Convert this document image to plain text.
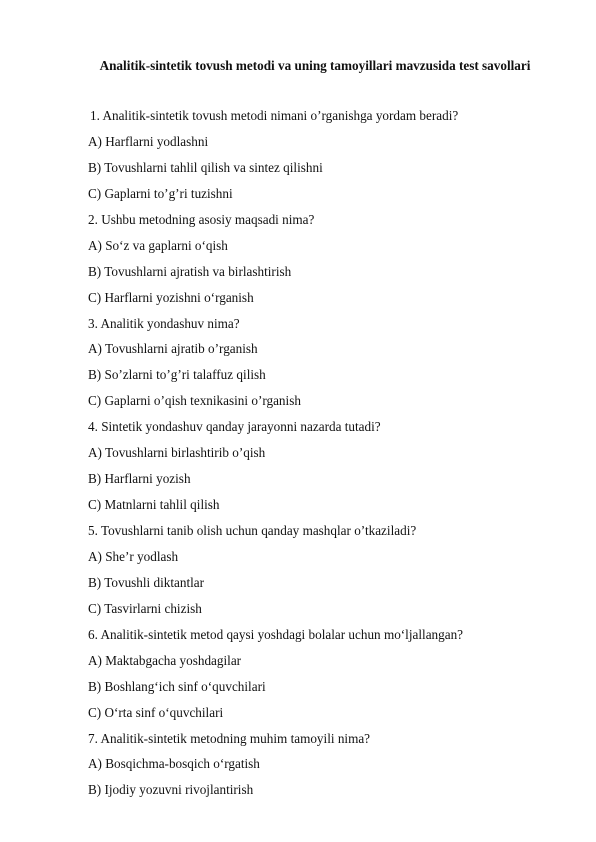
Analitik-sintetik tovush metodi va uning tamoyillari mavzusida test savollari
1. Analitik-sintetik tovush metodi nimani o’rganishga yordam beradi?
A) Harflarni yodlashni
B) Tovushlarni tahlil qilish va sintez qilishni
C) Gaplarni to’g’ri tuzishni
2. Ushbu metodning asosiy maqsadi nima?
A) So‘z va gaplarni o‘qish
B) Tovushlarni ajratish va birlashtirish
C) Harflarni yozishni o‘rganish
3. Analitik yondashuv nima?
A) Tovushlarni ajratib o’rganish
B) So’zlarni to’g’ri talaffuz qilish
C) Gaplarni o’qish texnikasini o’rganish
4. Sintetik yondashuv qanday jarayonni nazarda tutadi?
A) Tovushlarni birlashtirib o’qish
B) Harflarni yozish
C) Matnlarni tahlil qilish
5. Tovushlarni tanib olish uchun qanday mashqlar o’tkaziladi?
A) She’r yodlash
B) Tovushli diktantlar
C) Tasvirlarni chizish
6. Analitik-sintetik metod qaysi yoshdagi bolalar uchun mo‘ljallangan?
A) Maktabgacha yoshdagilar
B) Boshlang‘ich sinf o‘quvchilari
C) O‘rta sinf o‘quvchilari
7. Analitik-sintetik metodning muhim tamoyili nima?
A) Bosqichma-bosqich o‘rgatish
B) Ijodiy yozuvni rivojlantirish
